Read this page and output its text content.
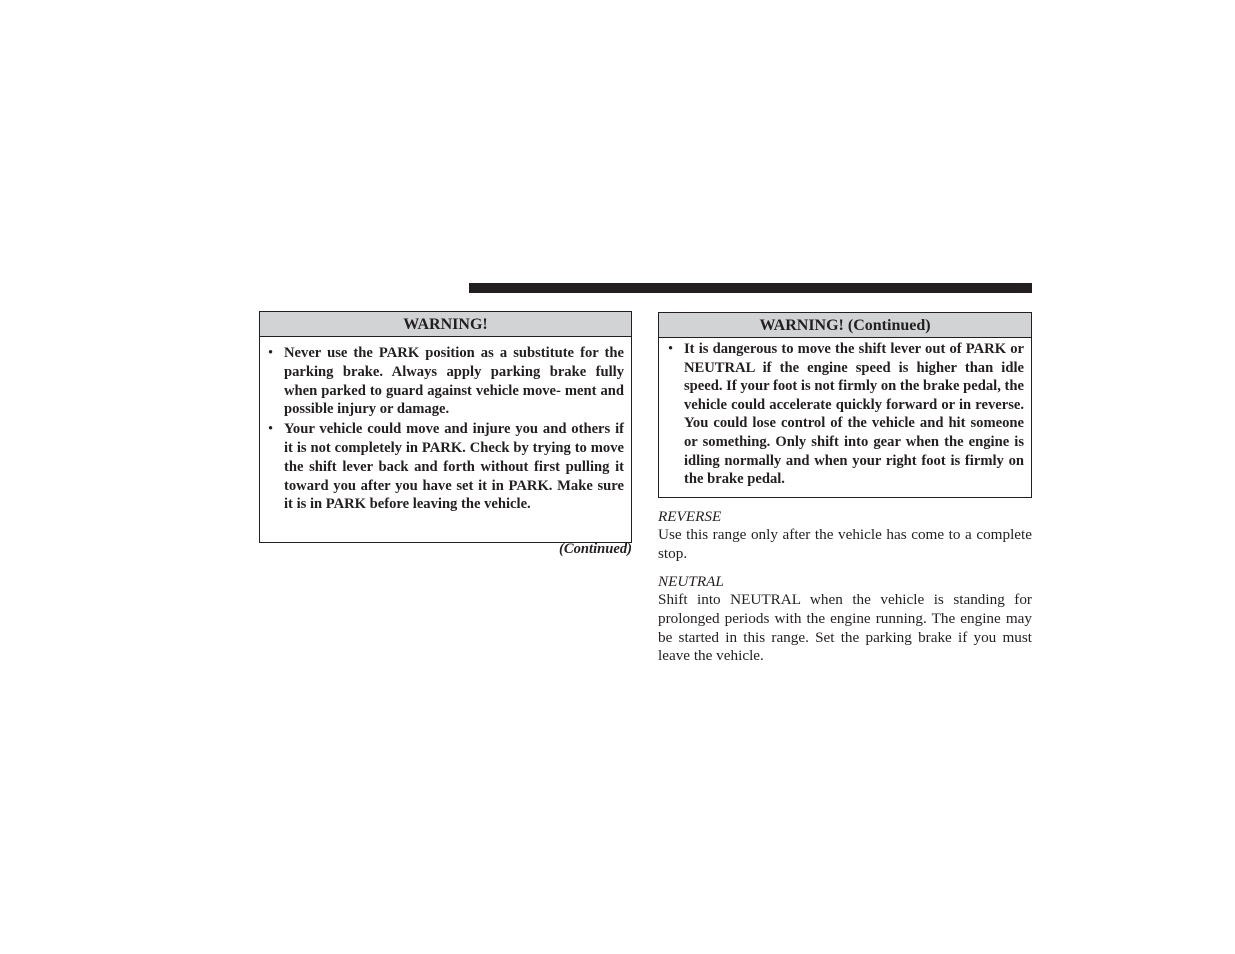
WARNING!
• Never use the PARK position as a substitute for the parking brake. Always apply parking brake fully when parked to guard against vehicle move- ment and possible injury or damage.
• Your vehicle could move and injure you and others if it is not completely in PARK. Check by trying to move the shift lever back and forth without first pulling it toward you after you have set it in PARK. Make sure it is in PARK before leaving the vehicle.
(Continued)
WARNING! (Continued)
• It is dangerous to move the shift lever out of PARK or NEUTRAL if the engine speed is higher than idle speed. If your foot is not firmly on the brake pedal, the vehicle could accelerate quickly forward or in reverse. You could lose control of the vehicle and hit someone or something. Only shift into gear when the engine is idling normally and when your right foot is firmly on the brake pedal.
REVERSE

Use this range only after the vehicle has come to a complete stop.

NEUTRAL

Shift into NEUTRAL when the vehicle is standing for prolonged periods with the engine running. The engine may be started in this range. Set the parking brake if you must leave the vehicle.
